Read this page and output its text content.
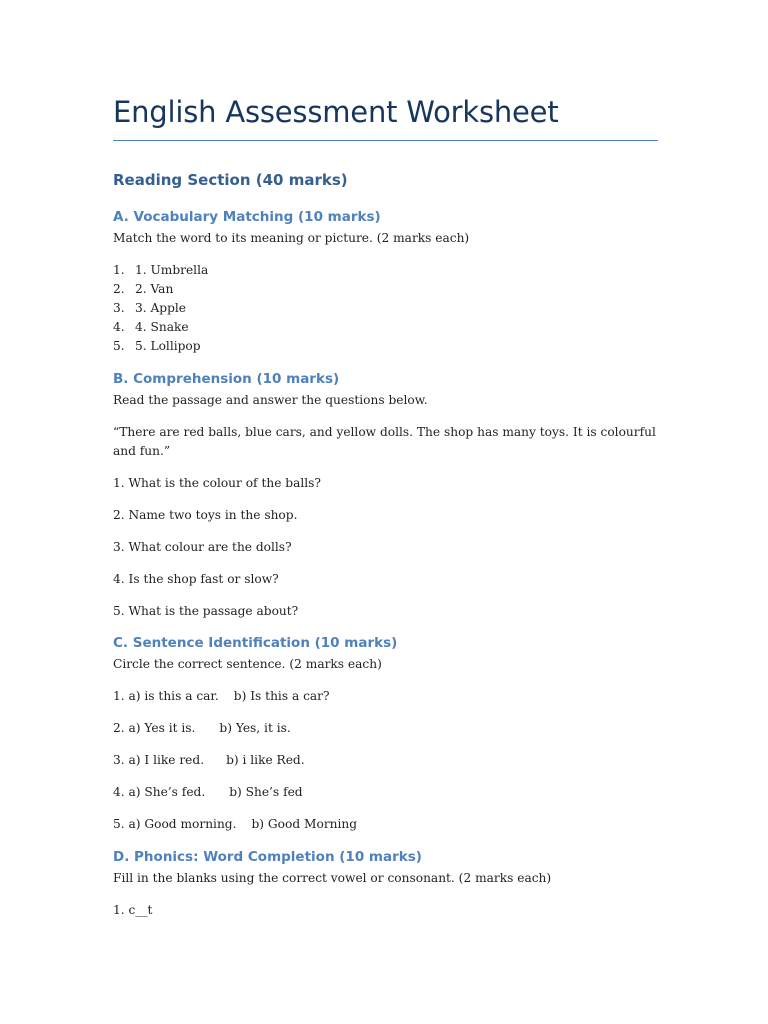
English Assessment Worksheet
Reading Section (40 marks)
A. Vocabulary Matching (10 marks)
Match the word to its meaning or picture. (2 marks each)
1. 1. Umbrella
2. 2. Van
3. 3. Apple
4. 4. Snake
5. 5. Lollipop
B. Comprehension (10 marks)
Read the passage and answer the questions below.
“There are red balls, blue cars, and yellow dolls. The shop has many toys. It is colourful and fun.”
1. What is the colour of the balls?
2. Name two toys in the shop.
3. What colour are the dolls?
4. Is the shop fast or slow?
5. What is the passage about?
C. Sentence Identification (10 marks)
Circle the correct sentence. (2 marks each)
1. a) is this a car. b) Is this a car?
2. a) Yes it is. b) Yes, it is.
3. a) I like red. b) i like Red.
4. a) She’s fed. b) She’s fed
5. a) Good morning. b) Good Morning
D. Phonics: Word Completion (10 marks)
Fill in the blanks using the correct vowel or consonant. (2 marks each)
1. c__t
